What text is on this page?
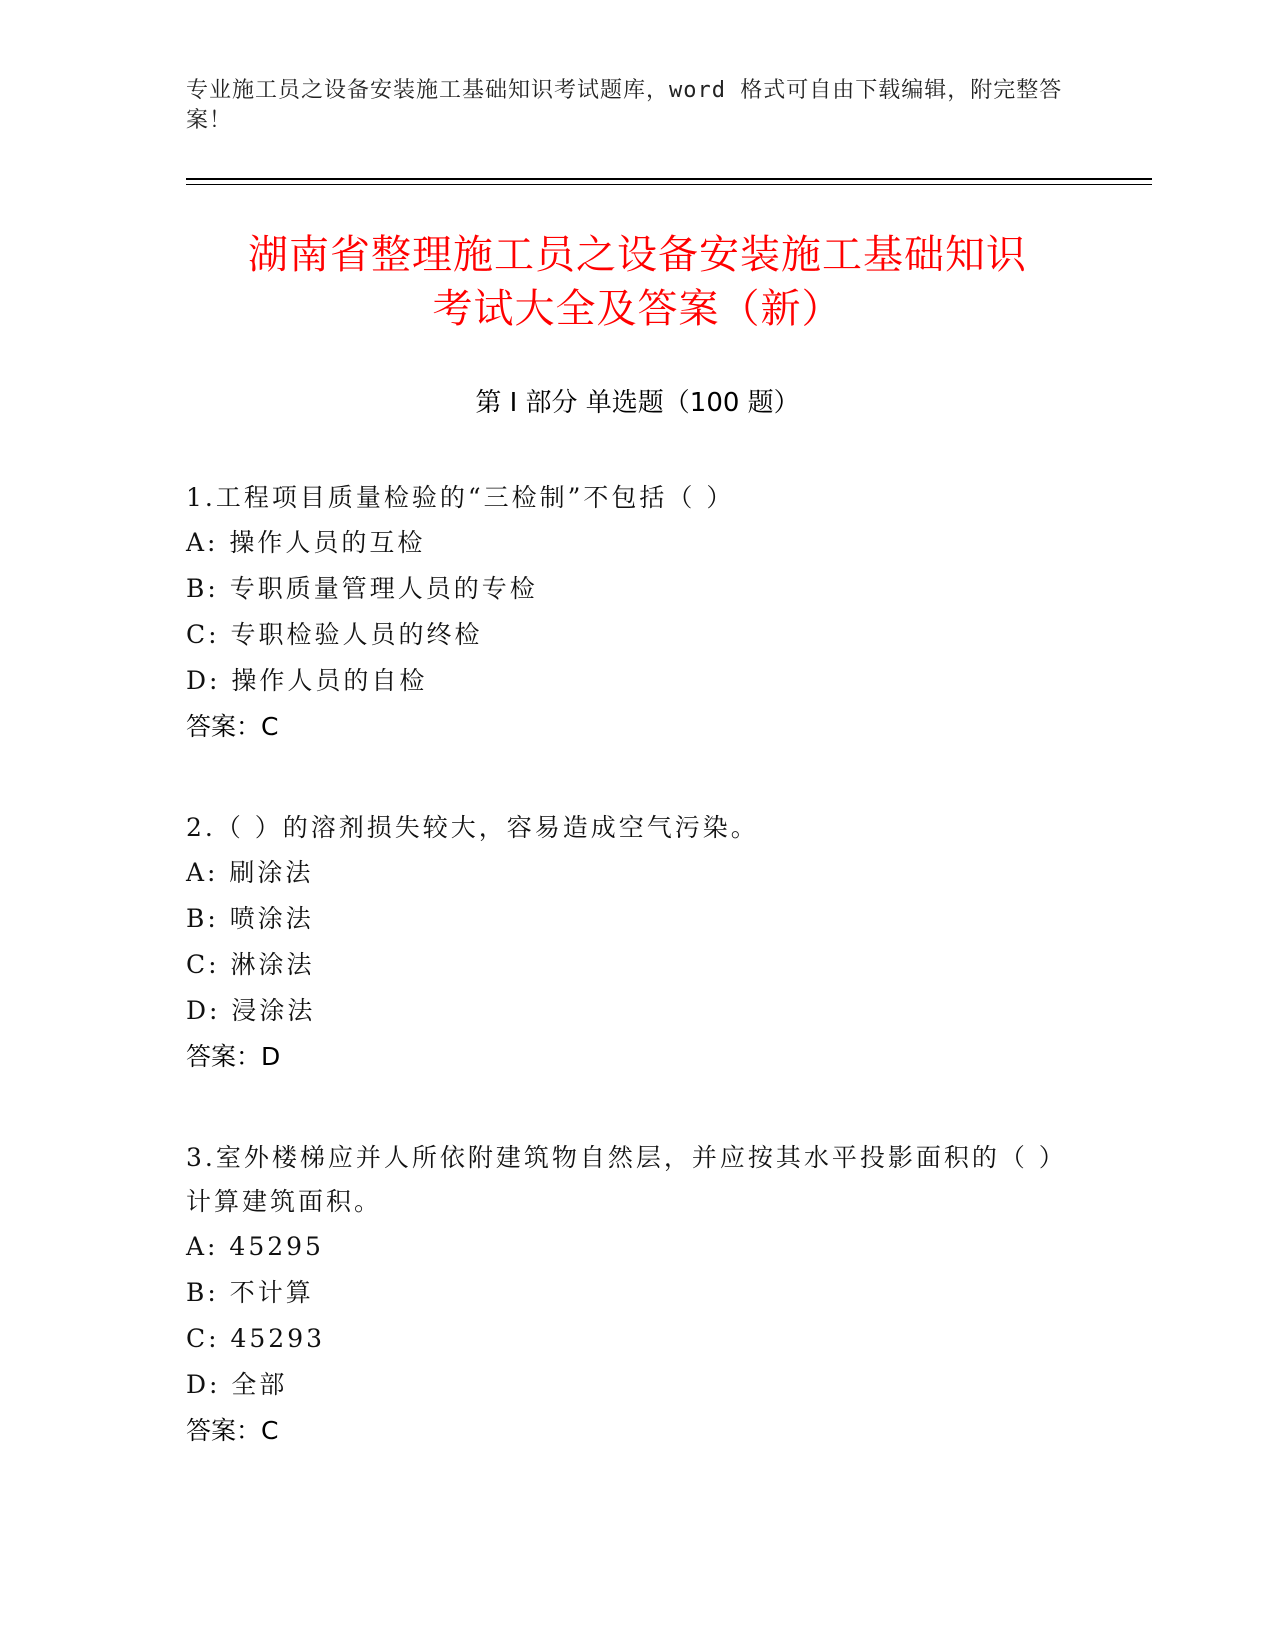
专业施工员之设备安装施工基础知识考试题库，word 格式可自由下载编辑，附完整答案！
湖南省整理施工员之设备安装施工基础知识
考试大全及答案（新）
第 I 部分 单选题（100 题）

1.工程项目质量检验的“三检制”不包括（ ）

A: 操作人员的互检

B: 专职质量管理人员的专检

C: 专职检验人员的终检

D: 操作人员的自检

答案：C

2.（ ）的溶剂损失较大，容易造成空气污染。

A: 刷涂法

B: 喷涂法

C: 淋涂法

D: 浸涂法

答案：D

3.室外楼梯应并人所依附建筑物自然层，并应按其水平投影面积的（ ）计算建筑面积。

A: 45295

B: 不计算

C: 45293

D: 全部

答案：C
